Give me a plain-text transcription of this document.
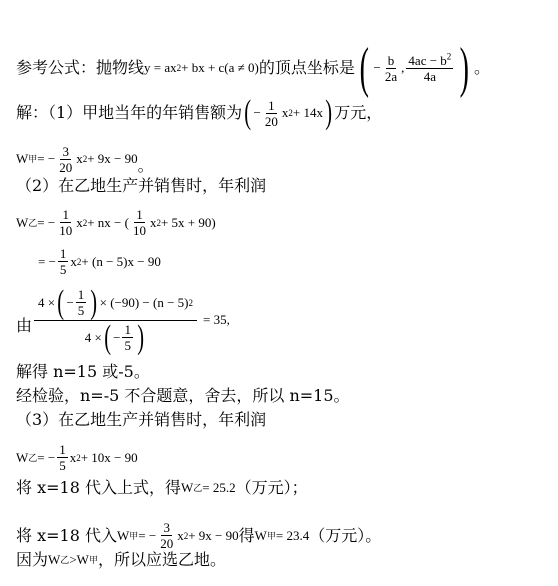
参考公式：抛物线 y = ax 2 + bx + c(a ≠ 0) 的顶点坐标是 ( − $\frac{b}{2a}$ , $\frac{4ac - b^2}{4a}$ ) 。
解：（1）甲地当年的年销售额为 ( − $\frac{1}{20}$ x 2 + 14x ) 万元，
W 甲 = − $\frac{3}{20}$ x 2 + 9x − 90 。
（2）在乙地生产并销售时，年利润
W 乙 = − $\frac{1}{10}$ x 2 + nx − ( $\frac{1}{10}$ x 2 + 5x + 90)
= − $\frac{1}{5}$ x 2 + (n − 5)x − 90
由
4 × ( − $\frac{1}{5}$ ) × (−90) − (n − 5) 2
4 × ( − $\frac{1}{5}$ )	= 35,
解得 n=15 或-5。
经检验，n=-5 不合题意，舍去，所以 n=15。
（3）在乙地生产并销售时，年利润
W 乙 = − $\frac{1}{5}$ x 2 + 10x − 90
将 x=18 代入上式，得 W 乙 = 25.2 （万元）；
将 x=18 代入 W 甲 = − $\frac{3}{20}$ x 2 + 9x − 90 得 W 甲 = 23.4 （万元）。
因为 W 乙 > W 甲 ，所以应选乙地。
